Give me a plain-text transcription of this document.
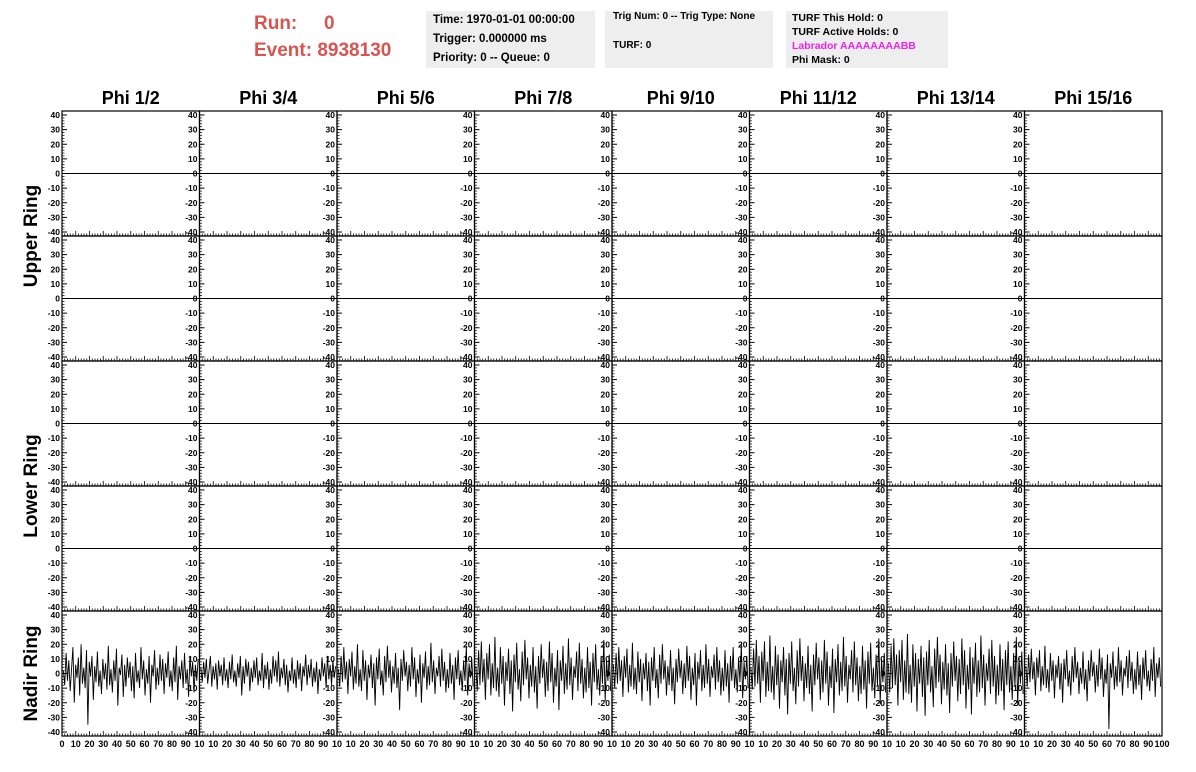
Run: 0
Event: 8938130
Time: 1970-01-01 00:00:00
Trigger: 0.000000 ms
Priority: 0 -- Queue: 0
Trig Num: 0 -- Trig Type: None
TURF: 0
TURF This Hold: 0
TURF Active Holds: 0
Labrador AAAAAAAABB
Phi Mask: 0
Phi 1/2	Phi 3/4	Phi 5/6	Phi 7/8	Phi 9/10	Phi 11/12	Phi 13/14	Phi 15/16
Upper Ring
Lower Ring
Nadir Ring
40
30
20
10
0
-10
-20
-30
-40
40
30
20
10
0
-10
-20
-30
-40
40
30
20
10
0
-10
-20
-30
-40
40
30
20
10
0
-10
-20
-30
-40
40
30
20
10
0
-10
-20
-30
-40
40
30
20
10
0
-10
-20
-30
-40
40
30
20
10
0
-10
-20
-30
-40
40
30
20
10
0
-10
-20
-30
-40
40
30
20
10
0
-10
-20
-30
-40
40
30
20
10
0
-10
-20
-30
-40
40
30
20
10
0
-10
-20
-30
-40
40
30
20
10
0
-10
-20
-30
-40
40
30
20
10
0
-10
-20
-30
-40
40
30
20
10
0
-10
-20
-30
-40
40
30
20
10
0
-10
-20
-30
-40
40
30
20
10
0
-10
-20
-30
-40
40
30
20
10
0
-10
-20
-30
-40
40
30
20
10
0
-10
-20
-30
-40
40
30
20
10
0
-10
-20
-30
-40
40
30
20
10
0
-10
-20
-30
-40
40
30
20
10
0
-10
-20
-30
-40
40
30
20
10
0
-10
-20
-30
-40
40
30
20
10
0
-10
-20
-30
-40
40
30
20
10
0
-10
-20
-30
-40
40
30
20
10
0
-10
-20
-30
-40
40
30
20
10
0
-10
-20
-30
-40
40
30
20
10
0
-10
-20
-30
-40
40
30
20
10
0
-10
-20
-30
-40
40
30
20
10
0
-10
-20
-30
-40
40
30
20
10
0
-10
-20
-30
-40
40
30
20
10
0
-10
-20
-30
-40
40
30
20
10
0
-10
-20
-30
-40
40
30
20
10
0
-10
-20
-30
-40
40
30
20
10
0
-10
-20
-30
-40
40
30
20
10
0
-10
-20
-30
-40
40
30
20
10
0
-10
-20
-30
-40
40
30
20
10
0
-10
-20
-30
-40
40
30
20
10
0
-10
-20
-30
-40
40
30
20
10
0
-10
-20
-30
-40
40
30
20
10
0
-10
-20
-30
-40
0 10 20 30 40 50 60 70 80 90 10 10 20 30 40 50 60 70 80 90 10 10 20 30 40 50 60 70 80 90 10 10 20 30 40 50 60 70 80 90 10 10 20 30 40 50 60 70 80 90 10 10 20 30 40 50 60 70 80 90 10 10 20 30 40 50 60 70 80 90 10 10 20 30 40 50 60 70 80 90 100
